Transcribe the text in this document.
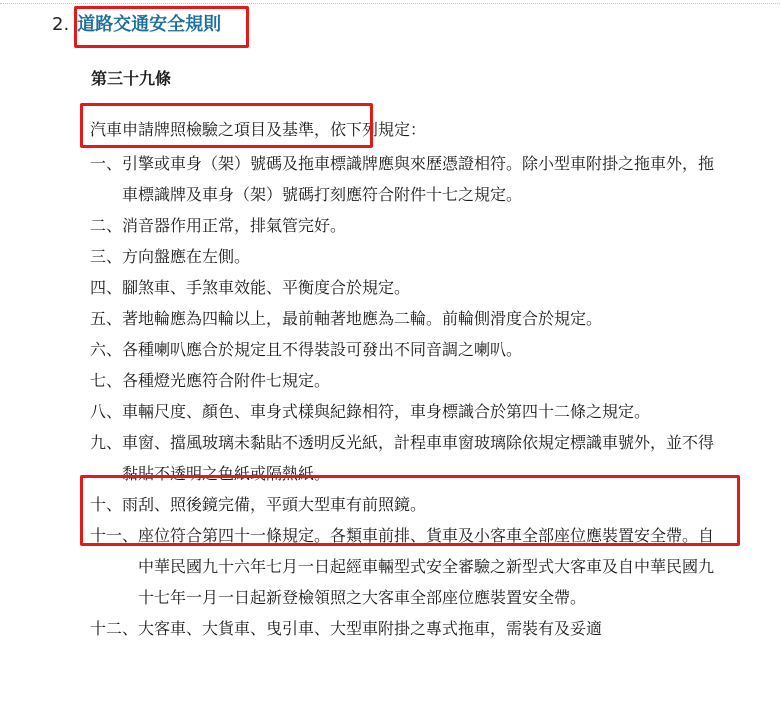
2. 道路交通安全規則
第三十九條
汽車申請牌照檢驗之項目及基準，依下列規定：
一、 引擎或車身（架）號碼及拖車標識牌應與來歷憑證相符。除小型車附掛之拖車外，拖車標識牌及車身（架）號碼打刻應符合附件十七之規定。
二、 消音器作用正常，排氣管完好。
三、 方向盤應在左側。
四、 腳煞車、手煞車效能、平衡度合於規定。
五、 著地輪應為四輪以上，最前軸著地應為二輪。前輪側滑度合於規定。
六、 各種喇叭應合於規定且不得裝設可發出不同音調之喇叭。
七、 各種燈光應符合附件七規定。
八、 車輛尺度、顏色、車身式樣與紀錄相符，車身標識合於第四十二條之規定。
九、 車窗、擋風玻璃未黏貼不透明反光紙，計程車車窗玻璃除依規定標識車號外，並不得黏貼不透明之色紙或隔熱紙。
十、 雨刮、照後鏡完備，平頭大型車有前照鏡。
十一、 座位符合第四十一條規定。各類車前排、貨車及小客車全部座位應裝置安全帶。自中華民國九十六年七月一日起經車輛型式安全審驗之新型式大客車及自中華民國九十七年一月一日起新登檢領照之大客車全部座位應裝置安全帶。
十二、 大客車、大貨車、曳引車、大型車附掛之專式拖車，需裝有及妥適
